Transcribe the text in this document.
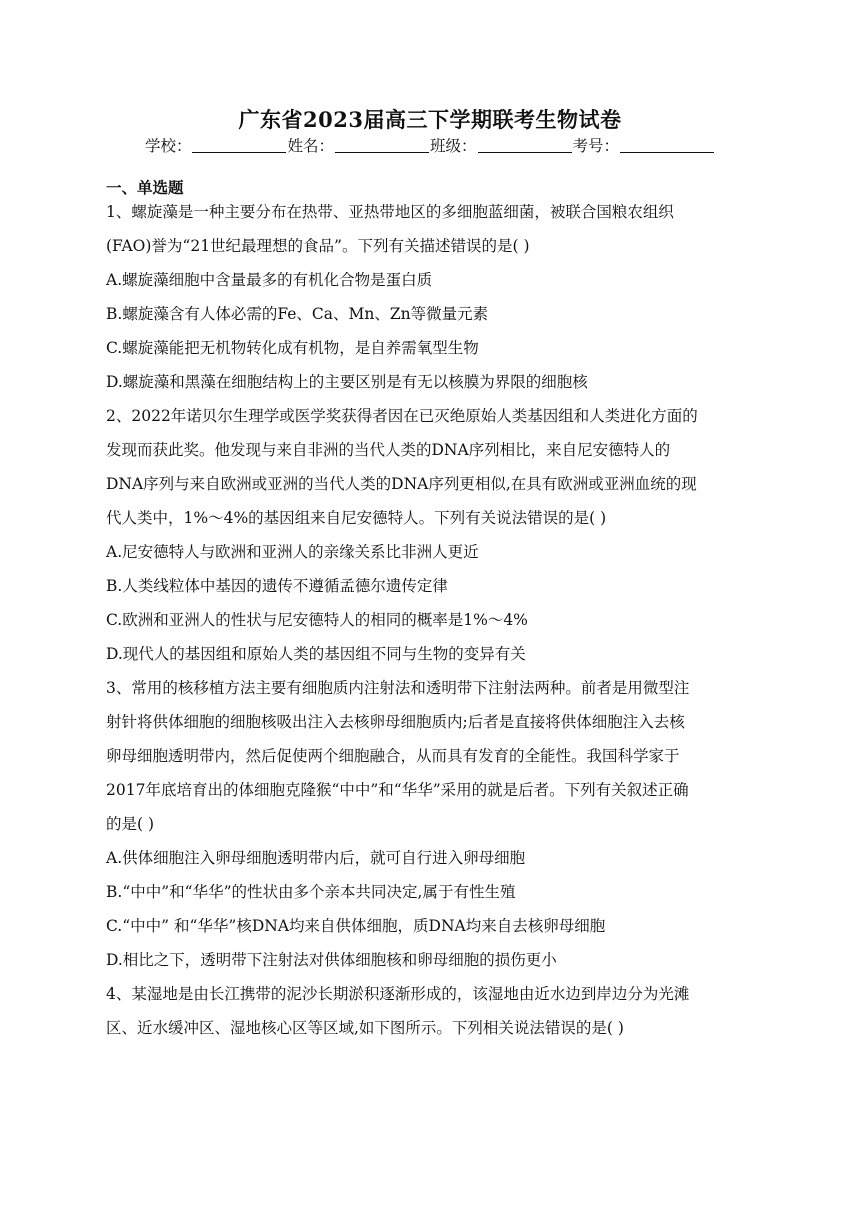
广东省2023届高三下学期联考生物试卷
学校：	姓名：	班级：	考号：
一、单选题
1、螺旋藻是一种主要分布在热带、亚热带地区的多细胞蓝细菌，被联合国粮农组织
(FAO)誉为“21世纪最理想的食品”。下列有关描述错误的是( )
A.螺旋藻细胞中含量最多的有机化合物是蛋白质
B.螺旋藻含有人体必需的Fe、Ca、Mn、Zn等微量元素
C.螺旋藻能把无机物转化成有机物，是自养需氧型生物
D.螺旋藻和黑藻在细胞结构上的主要区别是有无以核膜为界限的细胞核
2、2022年诺贝尔生理学或医学奖获得者因在已灭绝原始人类基因组和人类进化方面的
发现而获此奖。他发现与来自非洲的当代人类的DNA序列相比，来自尼安德特人的
DNA序列与来自欧洲或亚洲的当代人类的DNA序列更相似,在具有欧洲或亚洲血统的现
代人类中，1%～4%的基因组来自尼安德特人。下列有关说法错误的是( )
A.尼安德特人与欧洲和亚洲人的亲缘关系比非洲人更近
B.人类线粒体中基因的遗传不遵循孟德尔遗传定律
C.欧洲和亚洲人的性状与尼安德特人的相同的概率是1%～4%
D.现代人的基因组和原始人类的基因组不同与生物的变异有关
3、常用的核移植方法主要有细胞质内注射法和透明带下注射法两种。前者是用微型注
射针将供体细胞的细胞核吸出注入去核卵母细胞质内;后者是直接将供体细胞注入去核
卵母细胞透明带内，然后促使两个细胞融合，从而具有发育的全能性。我国科学家于
2017年底培育出的体细胞克隆猴“中中”和“华华”采用的就是后者。下列有关叙述正确
的是( )
A.供体细胞注入卵母细胞透明带内后，就可自行进入卵母细胞
B.“中中”和“华华”的性状由多个亲本共同决定,属于有性生殖
C.“中中” 和“华华”核DNA均来自供体细胞，质DNA均来自去核卵母细胞
D.相比之下，透明带下注射法对供体细胞核和卵母细胞的损伤更小
4、某湿地是由长江携带的泥沙长期淤积逐渐形成的，该湿地由近水边到岸边分为光滩
区、近水缓冲区、湿地核心区等区域,如下图所示。下列相关说法错误的是( )
